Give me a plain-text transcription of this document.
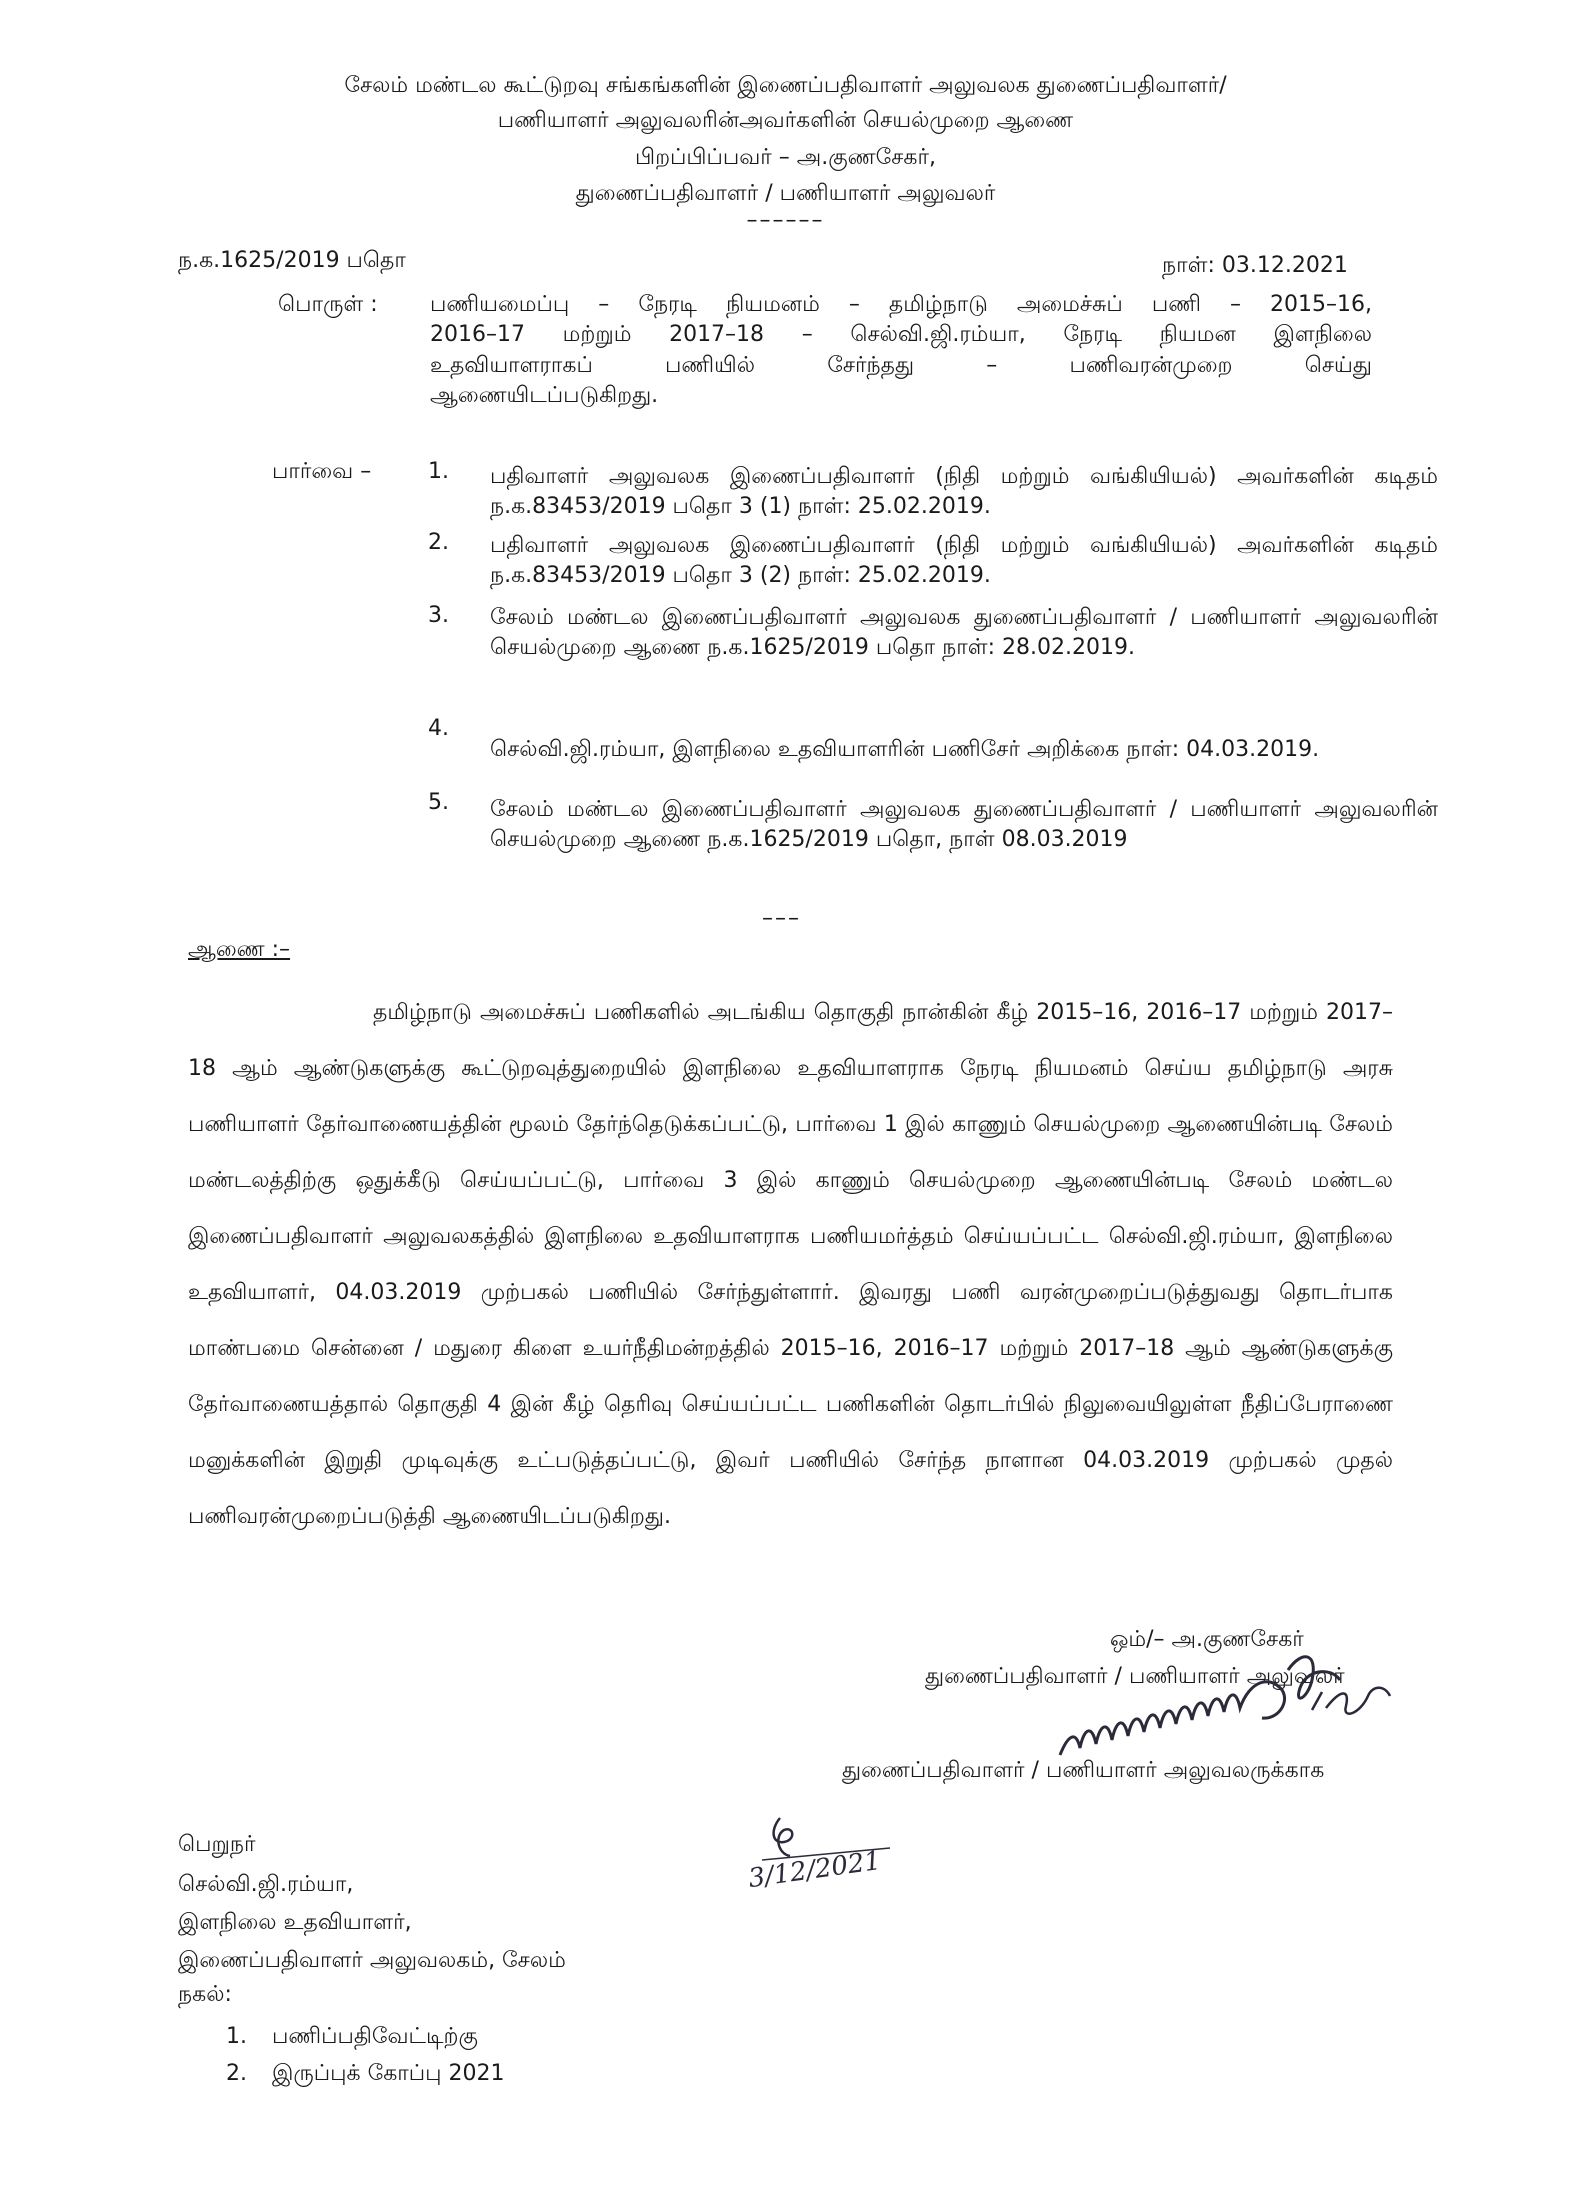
சேலம் மண்டல கூட்டுறவு சங்கங்களின் இணைப்பதிவாளர் அலுவலக துணைப்பதிவாளர்/
பணியாளர் அலுவலரின்அவர்களின் செயல்முறை ஆணை
பிறப்பிப்பவர் – அ.குணசேகர்,
துணைப்பதிவாளர் / பணியாளர் அலுவலர்
––––––
ந.க.1625/2019 பதொ	நாள்: 03.12.2021
பொருள் : பணியமைப்பு – நேரடி நியமனம் – தமிழ்நாடு அமைச்சுப் பணி – 2015–16,
2016–17 மற்றும் 2017–18 – செல்வி.ஜி.ரம்யா, நேரடி நியமன இளநிலை
உதவியாளராகப் பணியில் சேர்ந்தது – பணிவரன்முறை செய்து
ஆணையிடப்படுகிறது.
பார்வை –	1. பதிவாளர் அலுவலக இணைப்பதிவாளர் (நிதி மற்றும் வங்கியியல்) அவர்களின் கடிதம் ந.க.83453/2019 பதொ 3 (1) நாள்: 25.02.2019.
2. பதிவாளர் அலுவலக இணைப்பதிவாளர் (நிதி மற்றும் வங்கியியல்) அவர்களின் கடிதம் ந.க.83453/2019 பதொ 3 (2) நாள்: 25.02.2019.
3. சேலம் மண்டல இணைப்பதிவாளர் அலுவலக துணைப்பதிவாளர் / பணியாளர் அலுவலரின் செயல்முறை ஆணை ந.க.1625/2019 பதொ நாள்: 28.02.2019.
4.
செல்வி.ஜி.ரம்யா, இளநிலை உதவியாளரின் பணிசேர் அறிக்கை நாள்: 04.03.2019.
5. சேலம் மண்டல இணைப்பதிவாளர் அலுவலக துணைப்பதிவாளர் / பணியாளர் அலுவலரின் செயல்முறை ஆணை ந.க.1625/2019 பதொ, நாள் 08.03.2019
–––
ஆணை :–
தமிழ்நாடு அமைச்சுப் பணிகளில் அடங்கிய தொகுதி நான்கின் கீழ் 2015–16, 2016–17 மற்றும் 2017–18 ஆம் ஆண்டுகளுக்கு கூட்டுறவுத்துறையில் இளநிலை உதவியாளராக நேரடி நியமனம் செய்ய தமிழ்நாடு அரசு பணியாளர் தேர்வாணையத்தின் மூலம் தேர்ந்தெடுக்கப்பட்டு, பார்வை 1 இல் காணும் செயல்முறை ஆணையின்படி சேலம் மண்டலத்திற்கு ஒதுக்கீடு செய்யப்பட்டு, பார்வை 3 இல் காணும் செயல்முறை ஆணையின்படி சேலம் மண்டல இணைப்பதிவாளர் அலுவலகத்தில் இளநிலை உதவியாளராக பணியமர்த்தம் செய்யப்பட்ட செல்வி.ஜி.ரம்யா, இளநிலை உதவியாளர், 04.03.2019 முற்பகல் பணியில் சேர்ந்துள்ளார். இவரது பணி வரன்முறைப்படுத்துவது தொடர்பாக மாண்பமை சென்னை / மதுரை கிளை உயர்நீதிமன்றத்தில் 2015–16, 2016–17 மற்றும் 2017–18 ஆம் ஆண்டுகளுக்கு தேர்வாணையத்தால் தொகுதி 4 இன் கீழ் தெரிவு செய்யப்பட்ட பணிகளின் தொடர்பில் நிலுவையிலுள்ள நீதிப்பேராணை மனுக்களின் இறுதி முடிவுக்கு உட்படுத்தப்பட்டு, இவர் பணியில் சேர்ந்த நாளான 04.03.2019 முற்பகல் முதல் பணிவரன்முறைப்படுத்தி ஆணையிடப்படுகிறது.
ஒம்/– அ.குணசேகர்
துணைப்பதிவாளர் / பணியாளர் அலுவலர்
துணைப்பதிவாளர் / பணியாளர் அலுவலருக்காக
3/12/2021
பெறுநர்
செல்வி.ஜி.ரம்யா,
இளநிலை உதவியாளர்,
இணைப்பதிவாளர் அலுவலகம், சேலம்
நகல்:
1. பணிப்பதிவேட்டிற்கு
2. இருப்புக் கோப்பு 2021
